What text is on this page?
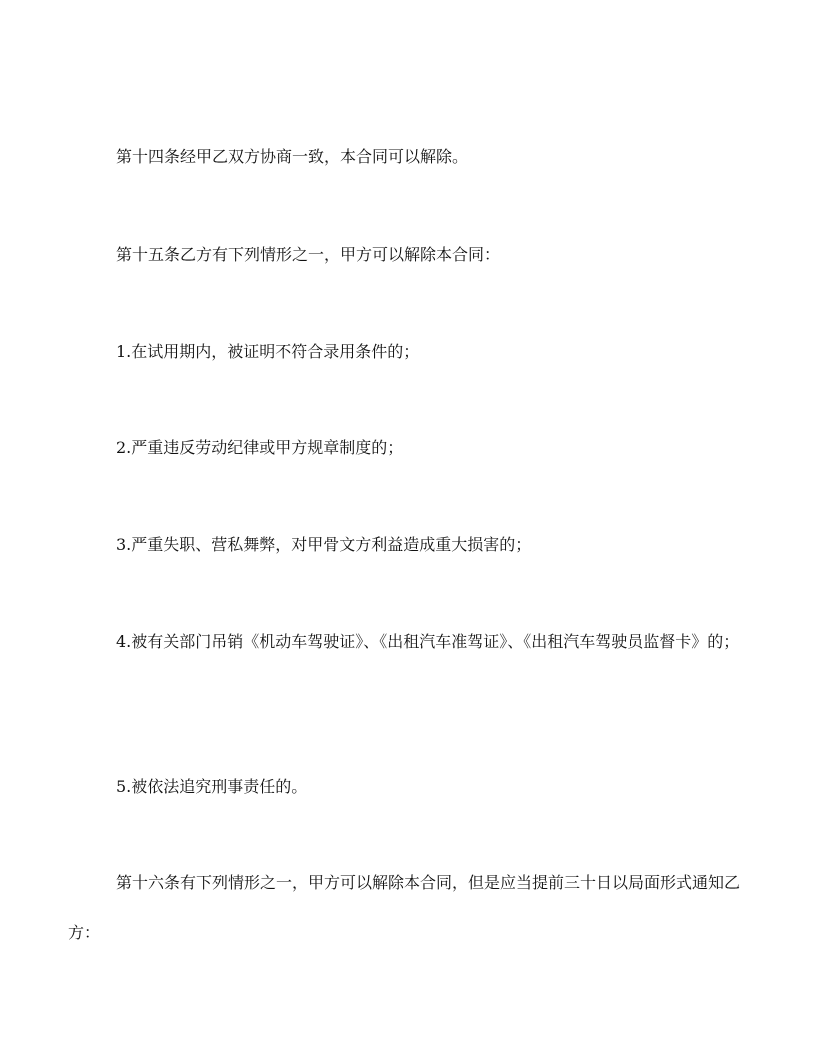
第十四条经甲乙双方协商一致，本合同可以解除。

第十五条乙方有下列情形之一，甲方可以解除本合同：

1.在试用期内，被证明不符合录用条件的；

2.严重违反劳动纪律或甲方规章制度的；

3.严重失职、营私舞弊，对甲骨文方利益造成重大损害的；

4.被有关部门吊销《机动车驾驶证》、《出租汽车准驾证》、《出租汽车驾驶员监督卡》的；

5.被依法追究刑事责任的。

第十六条有下列情形之一，甲方可以解除本合同，但是应当提前三十日以局面形式通知乙方：
